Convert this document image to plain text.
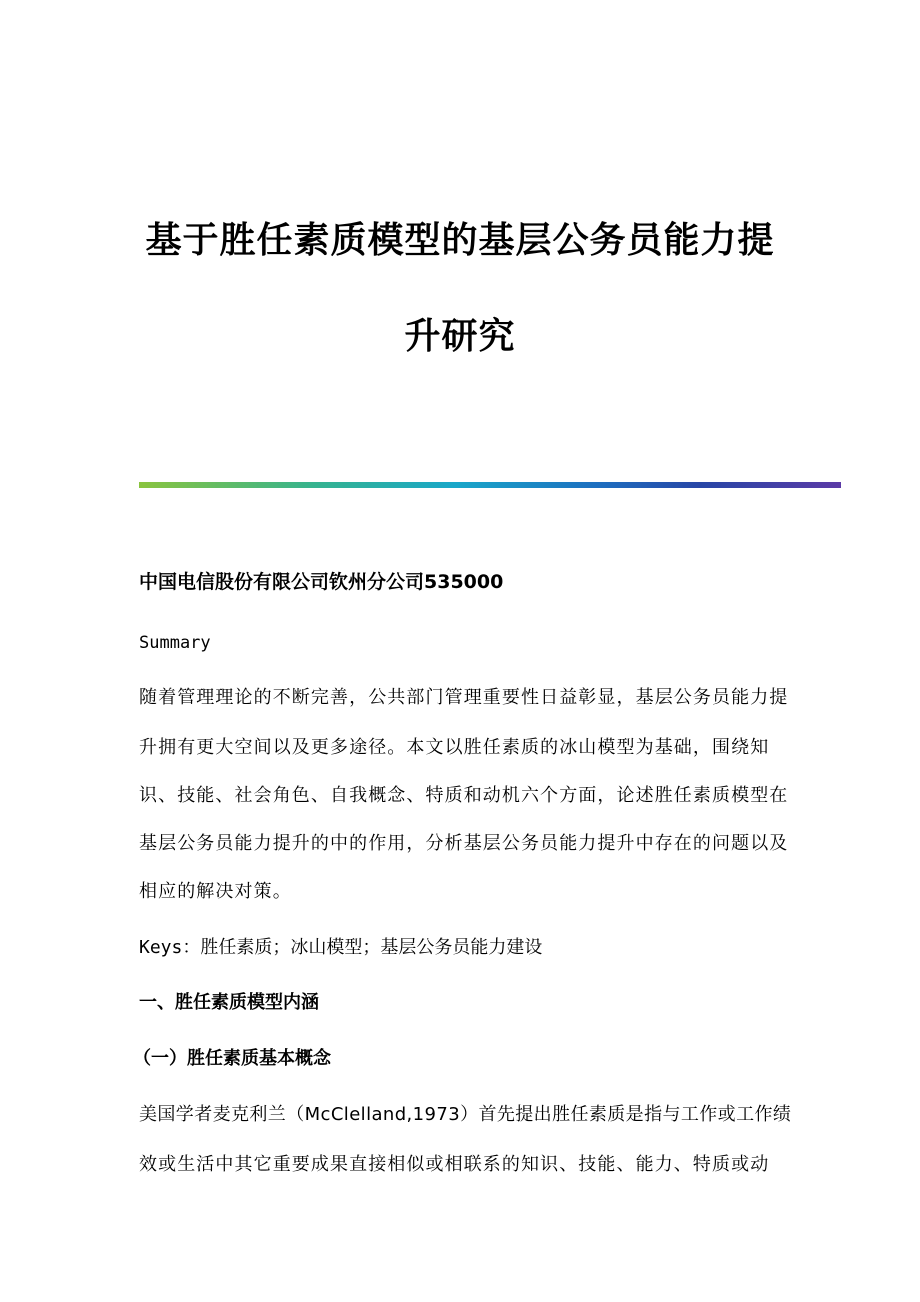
基于胜任素质模型的基层公务员能力提
升研究

中国电信股份有限公司钦州分公司535000

Summary

随着管理理论的不断完善，公共部门管理重要性日益彰显，基层公务员能力提

升拥有更大空间以及更多途径。本文以胜任素质的冰山模型为基础，围绕知

识、技能、社会角色、自我概念、特质和动机六个方面，论述胜任素质模型在

基层公务员能力提升的中的作用，分析基层公务员能力提升中存在的问题以及

相应的解决对策。

Keys：胜任素质；冰山模型；基层公务员能力建设

一、胜任素质模型内涵

（一）胜任素质基本概念

美国学者麦克利兰（McClelland,1973）首先提出胜任素质是指与工作或工作绩

效或生活中其它重要成果直接相似或相联系的知识、技能、能力、特质或动
